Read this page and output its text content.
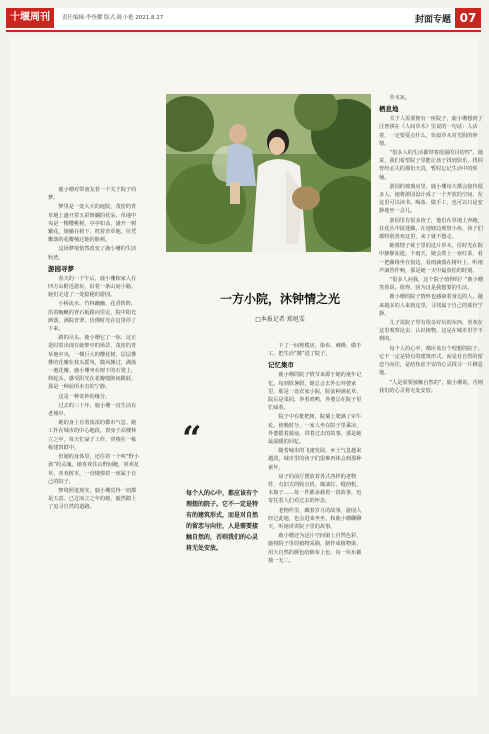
十堰周刊	责任编辑:李登耀 版式:陈小艳 2021.8.27	封面专题 07
一方小院，沐钟情之光
□本报记者 郑旭雯
“
每个人的心中，都应该有个理想的院子。它不一定是特有的建筑形式，而是对自然的留恋与向往，人是需要接触自然的，否则我们的心灵将无处安放。

鹿小珊对带童友着一个关于院子的梦。

梦里是一处大大的庭院，茂密的青草地上盛开着五彩斑斓的花朵，草地中央是一棵樱桃树，亭亭如盖，盛开一树繁花，她躺在树下，枕着青草地，任凭飘落的花瓣掩过她的脸颊。

这场梦境悄然改变了鹿小珊的生活轨迹。

游园寻梦

春天的一个午后，鹿小珊和家人在四方山附近游玩，沿着一条山间小路，她们走进了一处隐秘的游园。

小桥流水、竹林幽幽、花香阵阵，沿着蜿蜒的青石板路向里走，院中阳光洒落，满院青翠，仿佛时光在这里停了下来。

路的尽头，鹿小珊它了一惊，这正是时常出现在她梦中的场景。茂密的青草地中央，一棵巨大的樱花树，层层叠叠的花瓣在枝头摇曳，微风拂过，满落一地花瓣。鹿小珊坐在树下的石凳上，仰起头，感受阳光在花瓣缝隙间跳跃，那是一种前所未有的宁静。

这是一种奇妙的缘分。

过去的三十年，鹿小珊一直生活在老城中。

她的身上有着浓浓的都市气息。她工作在城市的中心地段，置身于高楼林立之中，每天忙碌于工作，穿梭在一栋栋建筑群中。

但她的身体里，还住着一个叫“野小孩”的灵魂。她喜欢往山野间跑，喜欢花草、喜欢树木，一直憧憬着一座属于自己的院子。

梦境照进现实，鹿小珊觉得一切都是天意。已过而立之年的她，毅然踏上了追寻自然的道路。

下了一间规模房，染布、刺绣、做手工，把生活“搬”进了院子。

记忆集市

鹿小珊的院子情节来源于她的童年记忆。每到放暑假，她总会去外公外婆家里，那是一处农家小院，院前种满花草，院后是菜园，养着鸡鸭，外婆总在院子里忙碌着。

院子中有枇杷树，院墙上爬满了牵牛花。傍晚时分，一家人坐在院子里乘凉，外婆摇着蒲扇，讲着过去的故事，那是她最温暖的回忆。

随着城市的飞速发展，乡土气息越来越淡，城市里的孩子们很难再体会到那种童年。

房子的前厅摆放着各式各样的老物件，有旧式的收音机、煤油灯、缝纫机、木箱子……每一件都承载着一段故事，也寄托着人们对过去的怀念。

老物件里，藏着岁月的故事，游园人经过此地，也会进来坐坐，和鹿小珊聊聊天，听她讲讲院子里的故事。

鹿小珊还为这片空间染上自然色彩，她将院子里的植物采摘，制作成植物染，用大自然的颜色给棉布上色，每一块布都独一无二。

草木灰。

栖息地

关于人需要拥有一座院子，鹿小珊想到了汪曾祺在《人间草木》里说的一句话：人活着，一定要爱点什么，恰似草木对光阴的钟情。

“很多人的生活都带着很强的目的性”，她说，我们希望院子里能让孩子找到快乐，找回曾经丢失的那份天真，暂时忘记生活中的烦恼。

游园的玻璃房里，鹿小珊每天都会接待很多人。她将游园设计成了一个开放的空间，在这里可以读书、喝茶、做手工，也可以只是安静地坐一会儿。

游园里有很多孩子，他们在草地上奔跑，在花丛中捉迷藏，在池塘边观察小鱼，孩子们都特别喜欢这里，来了就不想走。

她将情子视于里的这片草木，任时光在院中静静流逝。下雨天，她会煮上一壶红茶，看一把藤椅坐在窗边，看雨滴落在树叶上，听雨声滴答作响，那是她一天中最放松的时刻。

“很多人问我，这个院子值得吗？”鹿小珊笑着说，值得，因为这是我想要的生活。

鹿小珊的院子情怀也感染着身边的人，越来越多的人来到这里，寻找属于自己的那份宁静。

儿子说院子里有很多好玩的东西，喜欢在这里观察昆虫、认识植物，这是在城市里学不到的。

每个人的心中，都应该有个理想的院子。它不一定是特有的建筑形式，而是对自然的留恋与向往，是给焦虑不安的心灵找寻一片栖息地。

“人是需要接触自然的”，鹿小珊说，否则我们的心灵将无处安放。
